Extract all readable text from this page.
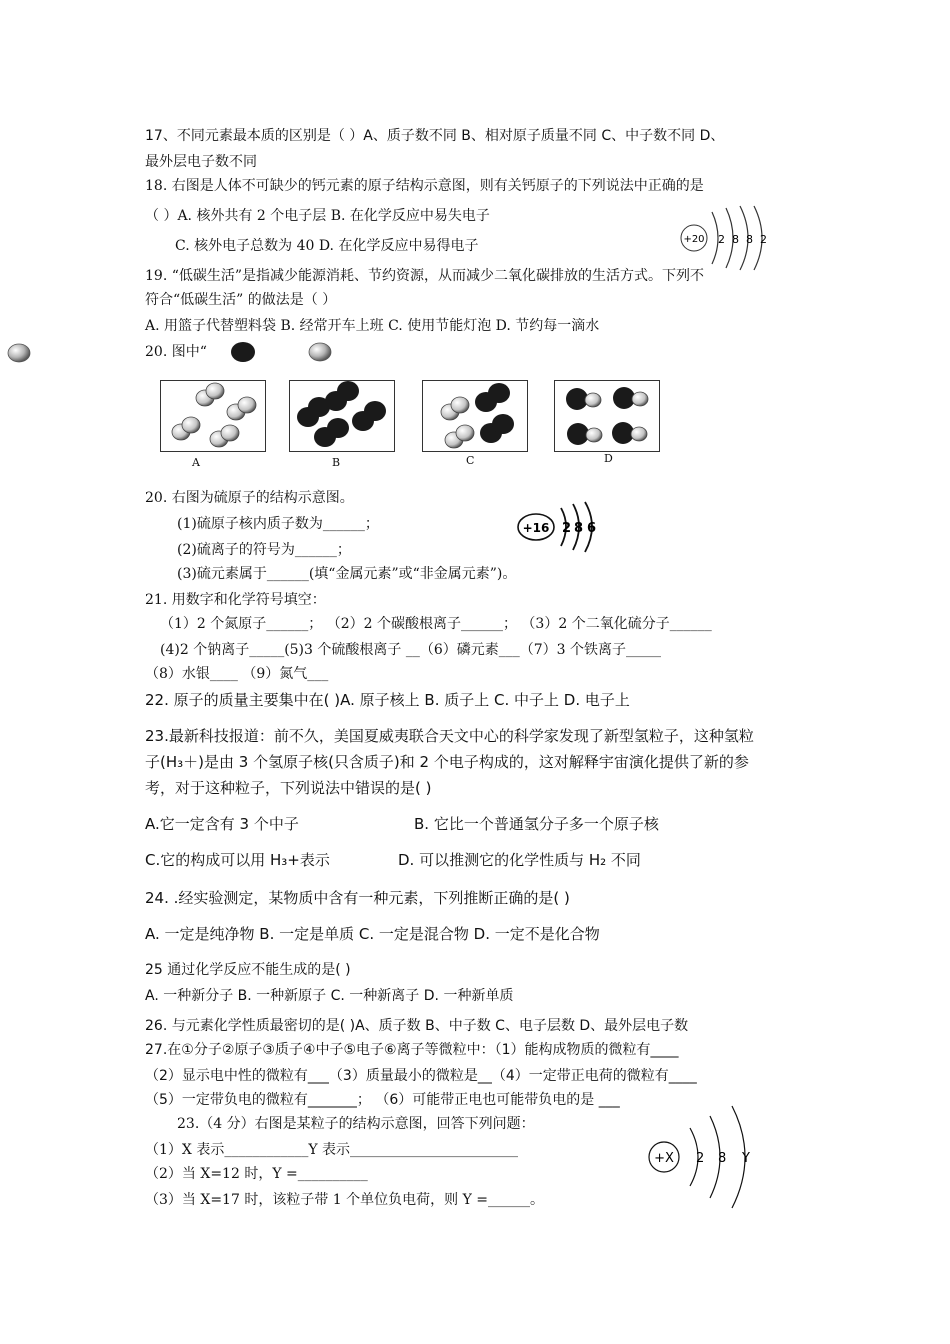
17、不同元素最本质的区别是（ ）A、质子数不同 B、相对原子质量不同 C、中子数不同 D、
最外层电子数不同
18. 右图是人体不可缺少的钙元素的原子结构示意图，则有关钙原子的下列说法中正确的是
（ ）A. 核外共有 2 个电子层 B. 在化学反应中易失电子
C. 核外电子总数为 40 D. 在化学反应中易得电子	+20 2 8 8 2
19. “低碳生活”是指减少能源消耗、节约资源，从而减少二氧化碳排放的生活方式。下列不
符合“低碳生活” 的做法是（ ）
A. 用篮子代替塑料袋 B. 经常开车上班 C. 使用节能灯泡 D. 节约每一滴水
20. 图中“
A	B	C	D
20. 右图为硫原子的结构示意图。
(1)硫原子核内质子数为______；
(2)硫离子的符号为______；
(3)硫元素属于______(填“金属元素”或“非金属元素”)。
+16 2 8 6
21. 用数字和化学符号填空：
（1）2 个氮原子______； （2）2 个碳酸根离子______； （3）2 个二氧化硫分子______
(4)2 个钠离子_____(5)3 个硫酸根离子 __（6）磷元素___（7）3 个铁离子_____
（8）水银____ （9）氮气___
22. 原子的质量主要集中在( )A. 原子核上 B. 质子上 C. 中子上 D. 电子上
23.最新科技报道：前不久，美国夏威夷联合天文中心的科学家发现了新型氢粒子，这种氢粒
子(H₃＋)是由 3 个氢原子核(只含质子)和 2 个电子构成的，这对解释宇宙演化提供了新的参
考，对于这种粒子，下列说法中错误的是( )
A.它一定含有 3 个中子	B. 它比一个普通氢分子多一个原子核
C.它的构成可以用 H₃+表示	D. 可以推测它的化学性质与 H₂ 不同
24. .经实验测定，某物质中含有一种元素，下列推断正确的是( )
A. 一定是纯净物 B. 一定是单质 C. 一定是混合物 D. 一定不是化合物
25 通过化学反应不能生成的是( )
A. 一种新分子 B. 一种新原子 C. 一种新离子 D. 一种新单质
26. 与元素化学性质最密切的是( )A、质子数 B、中子数 C、电子层数 D、最外层电子数
27.在①分子②原子③质子④中子⑤电子⑥离子等微粒中：（1）能构成物质的微粒有____
（2）显示电中性的微粒有___（3）质量最小的微粒是__（4）一定带正电荷的微粒有____
（5）一定带负电的微粒有_______； （6）可能带正电也可能带负电的是 ___
23.（4 分）右图是某粒子的结构示意图，回答下列问题：
（1）X 表示____________Y 表示________________________
（2）当 X=12 时，Y =__________
（3）当 X=17 时，该粒子带 1 个单位负电荷，则 Y =______。
+X 2 8 Y
